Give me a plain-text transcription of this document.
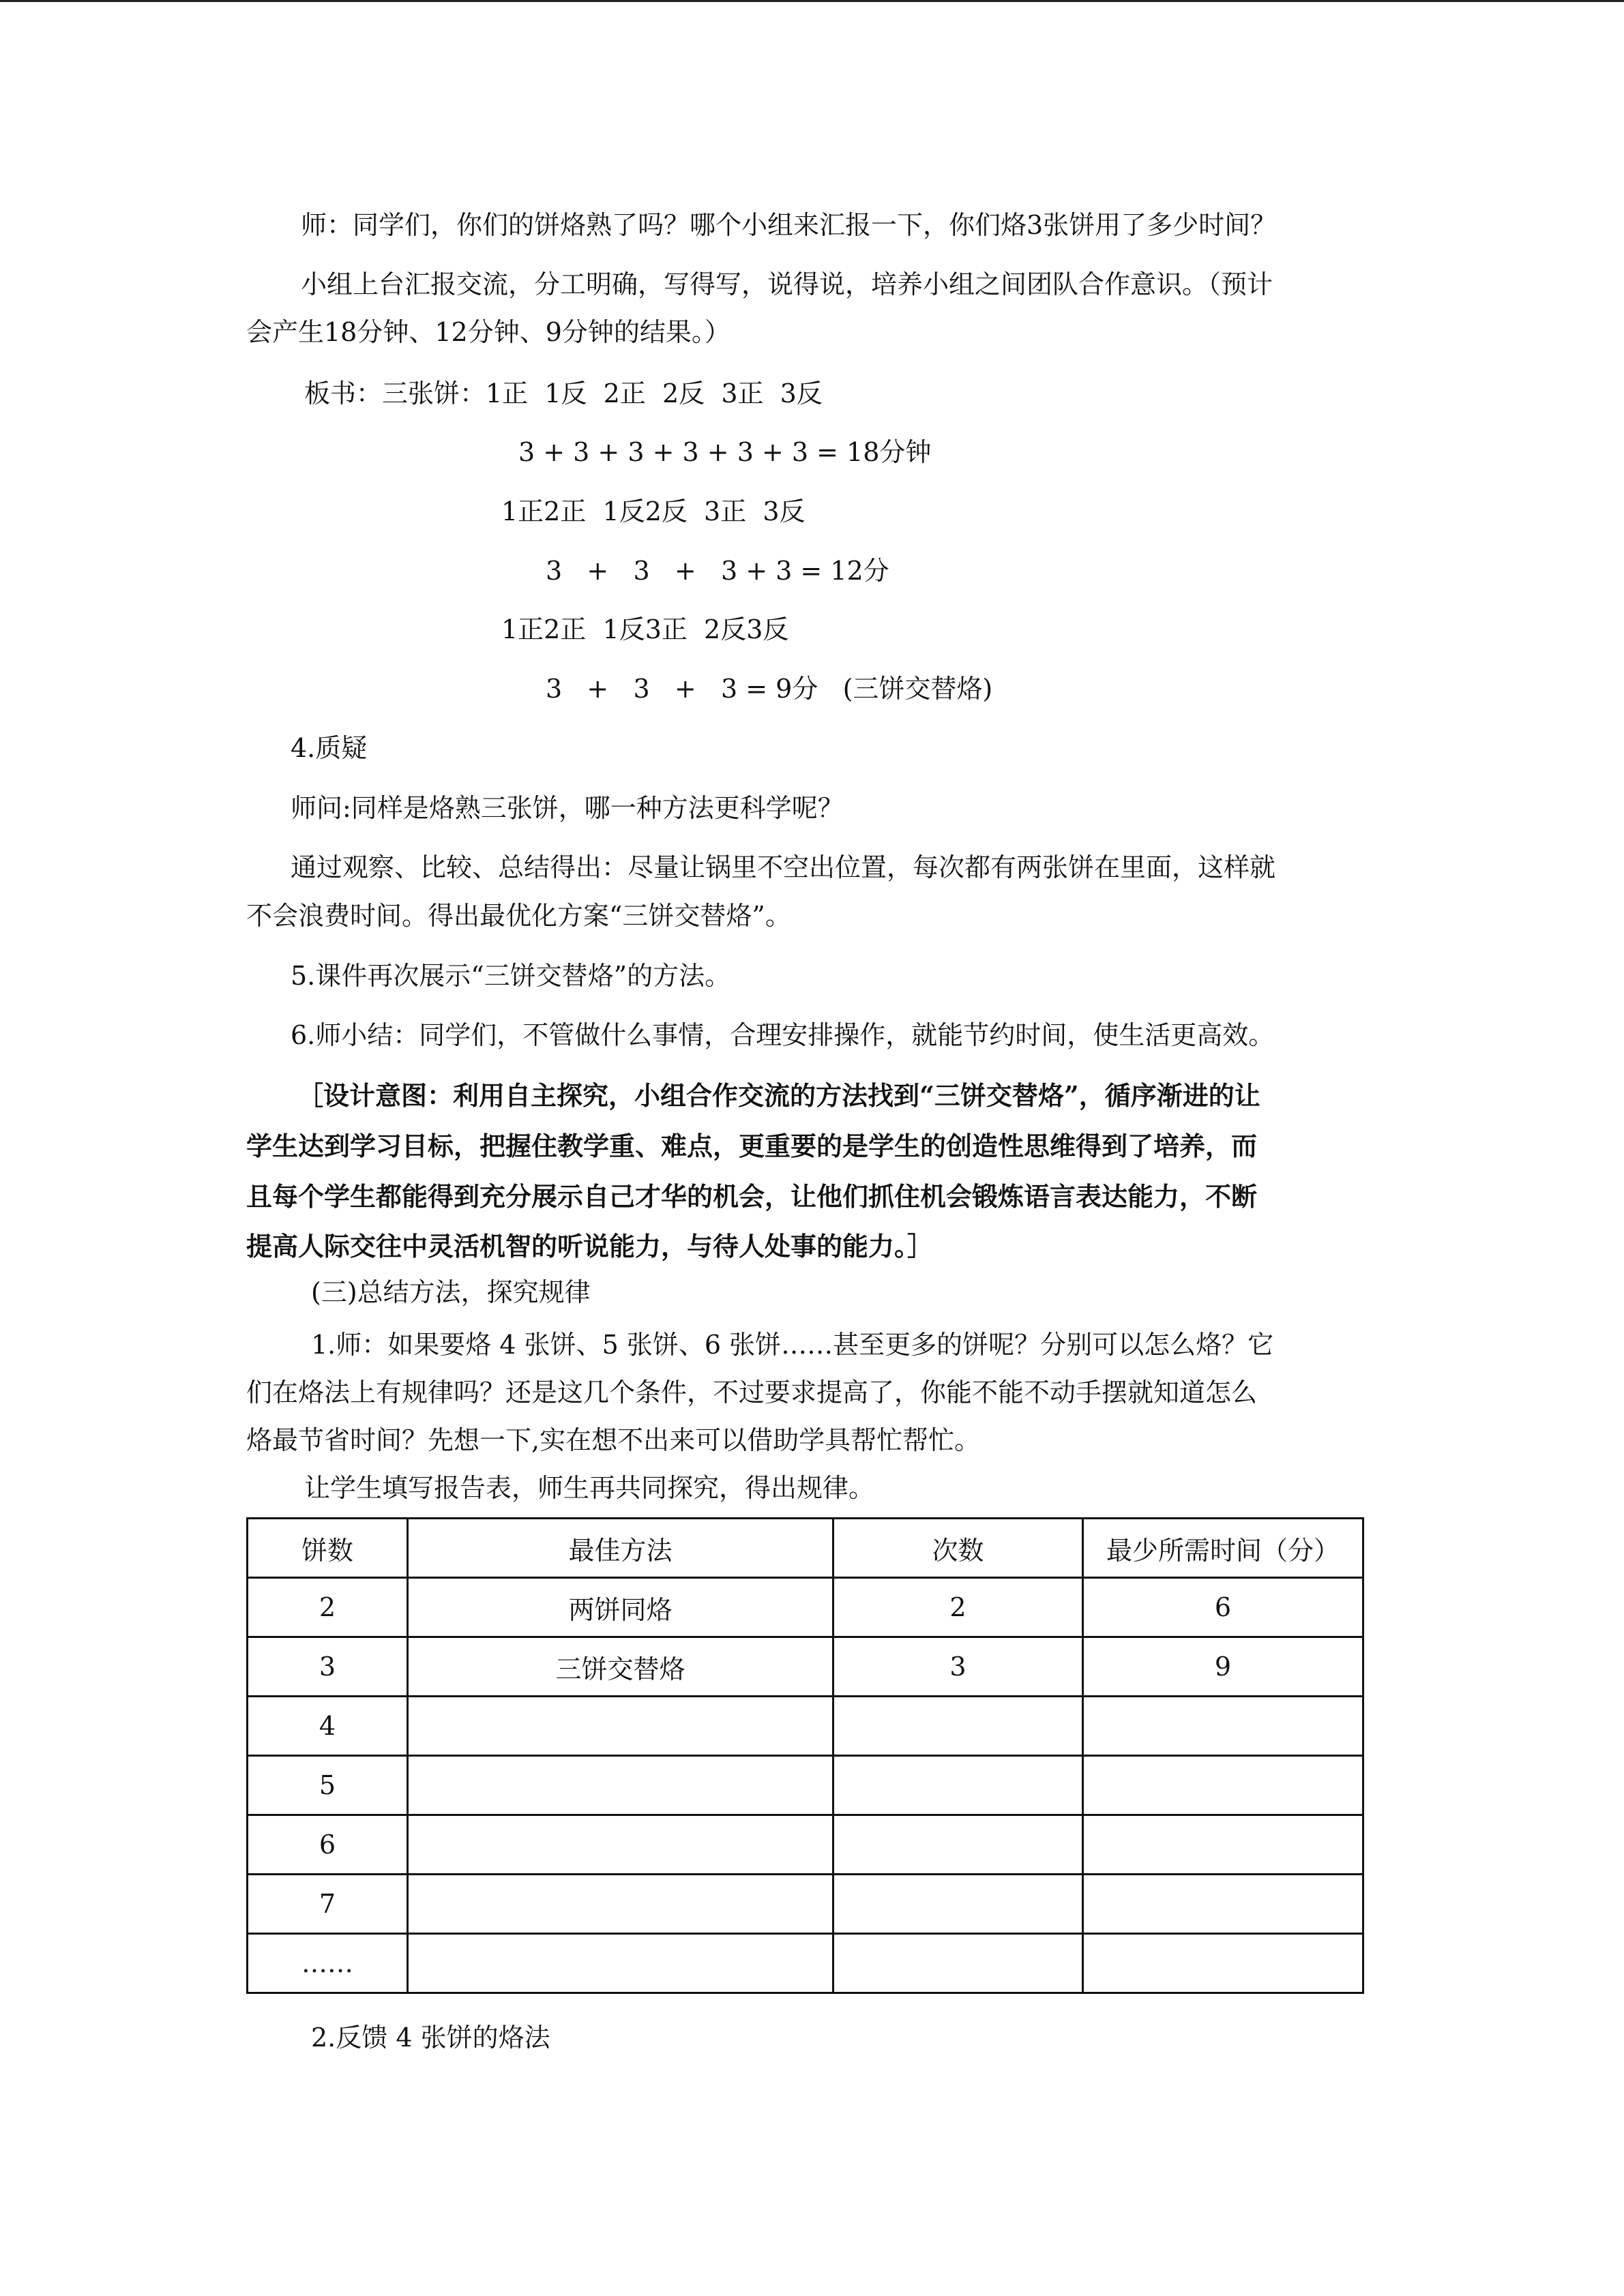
师：同学们，你们的饼烙熟了吗？哪个小组来汇报一下，你们烙3张饼用了多少时间？

小组上台汇报交流，分工明确，写得写，说得说，培养小组之间团队合作意识。（预计

会产生18分钟、12分钟、9分钟的结果。）

板书：三张饼：1正  1反  2正  2反  3正  3反

3 + 3 + 3 + 3 + 3 + 3 = 18分钟

1正2正  1反2反  3正  3反

3   +   3   +   3 + 3 = 12分

1正2正  1反3正  2反3反

3   +   3   +   3 = 9分   (三饼交替烙)

4.质疑

师问:同样是烙熟三张饼，哪一种方法更科学呢？

通过观察、比较、总结得出：尽量让锅里不空出位置，每次都有两张饼在里面，这样就

不会浪费时间。得出最优化方案“三饼交替烙”。

5.课件再次展示“三饼交替烙”的方法。

6.师小结：同学们，不管做什么事情，合理安排操作，就能节约时间，使生活更高效。

［设计意图：利用自主探究，小组合作交流的方法找到“三饼交替烙”，循序渐进的让

学生达到学习目标，把握住教学重、难点，更重要的是学生的创造性思维得到了培养，而

且每个学生都能得到充分展示自己才华的机会，让他们抓住机会锻炼语言表达能力，不断

提高人际交往中灵活机智的听说能力，与待人处事的能力。］

(三)总结方法，探究规律

1.师：如果要烙 4 张饼、5 张饼、6 张饼……甚至更多的饼呢？分别可以怎么烙？它

们在烙法上有规律吗？还是这几个条件，不过要求提高了，你能不能不动手摆就知道怎么

烙最节省时间？先想一下,实在想不出来可以借助学具帮忙帮忙。

让学生填写报告表，师生再共同探究，得出规律。

饼数	最佳方法	次数	最少所需时间（分）
2	两饼同烙	2	6
3	三饼交替烙	3	9
4			
5			
6			
7			
……			

2.反馈 4 张饼的烙法
